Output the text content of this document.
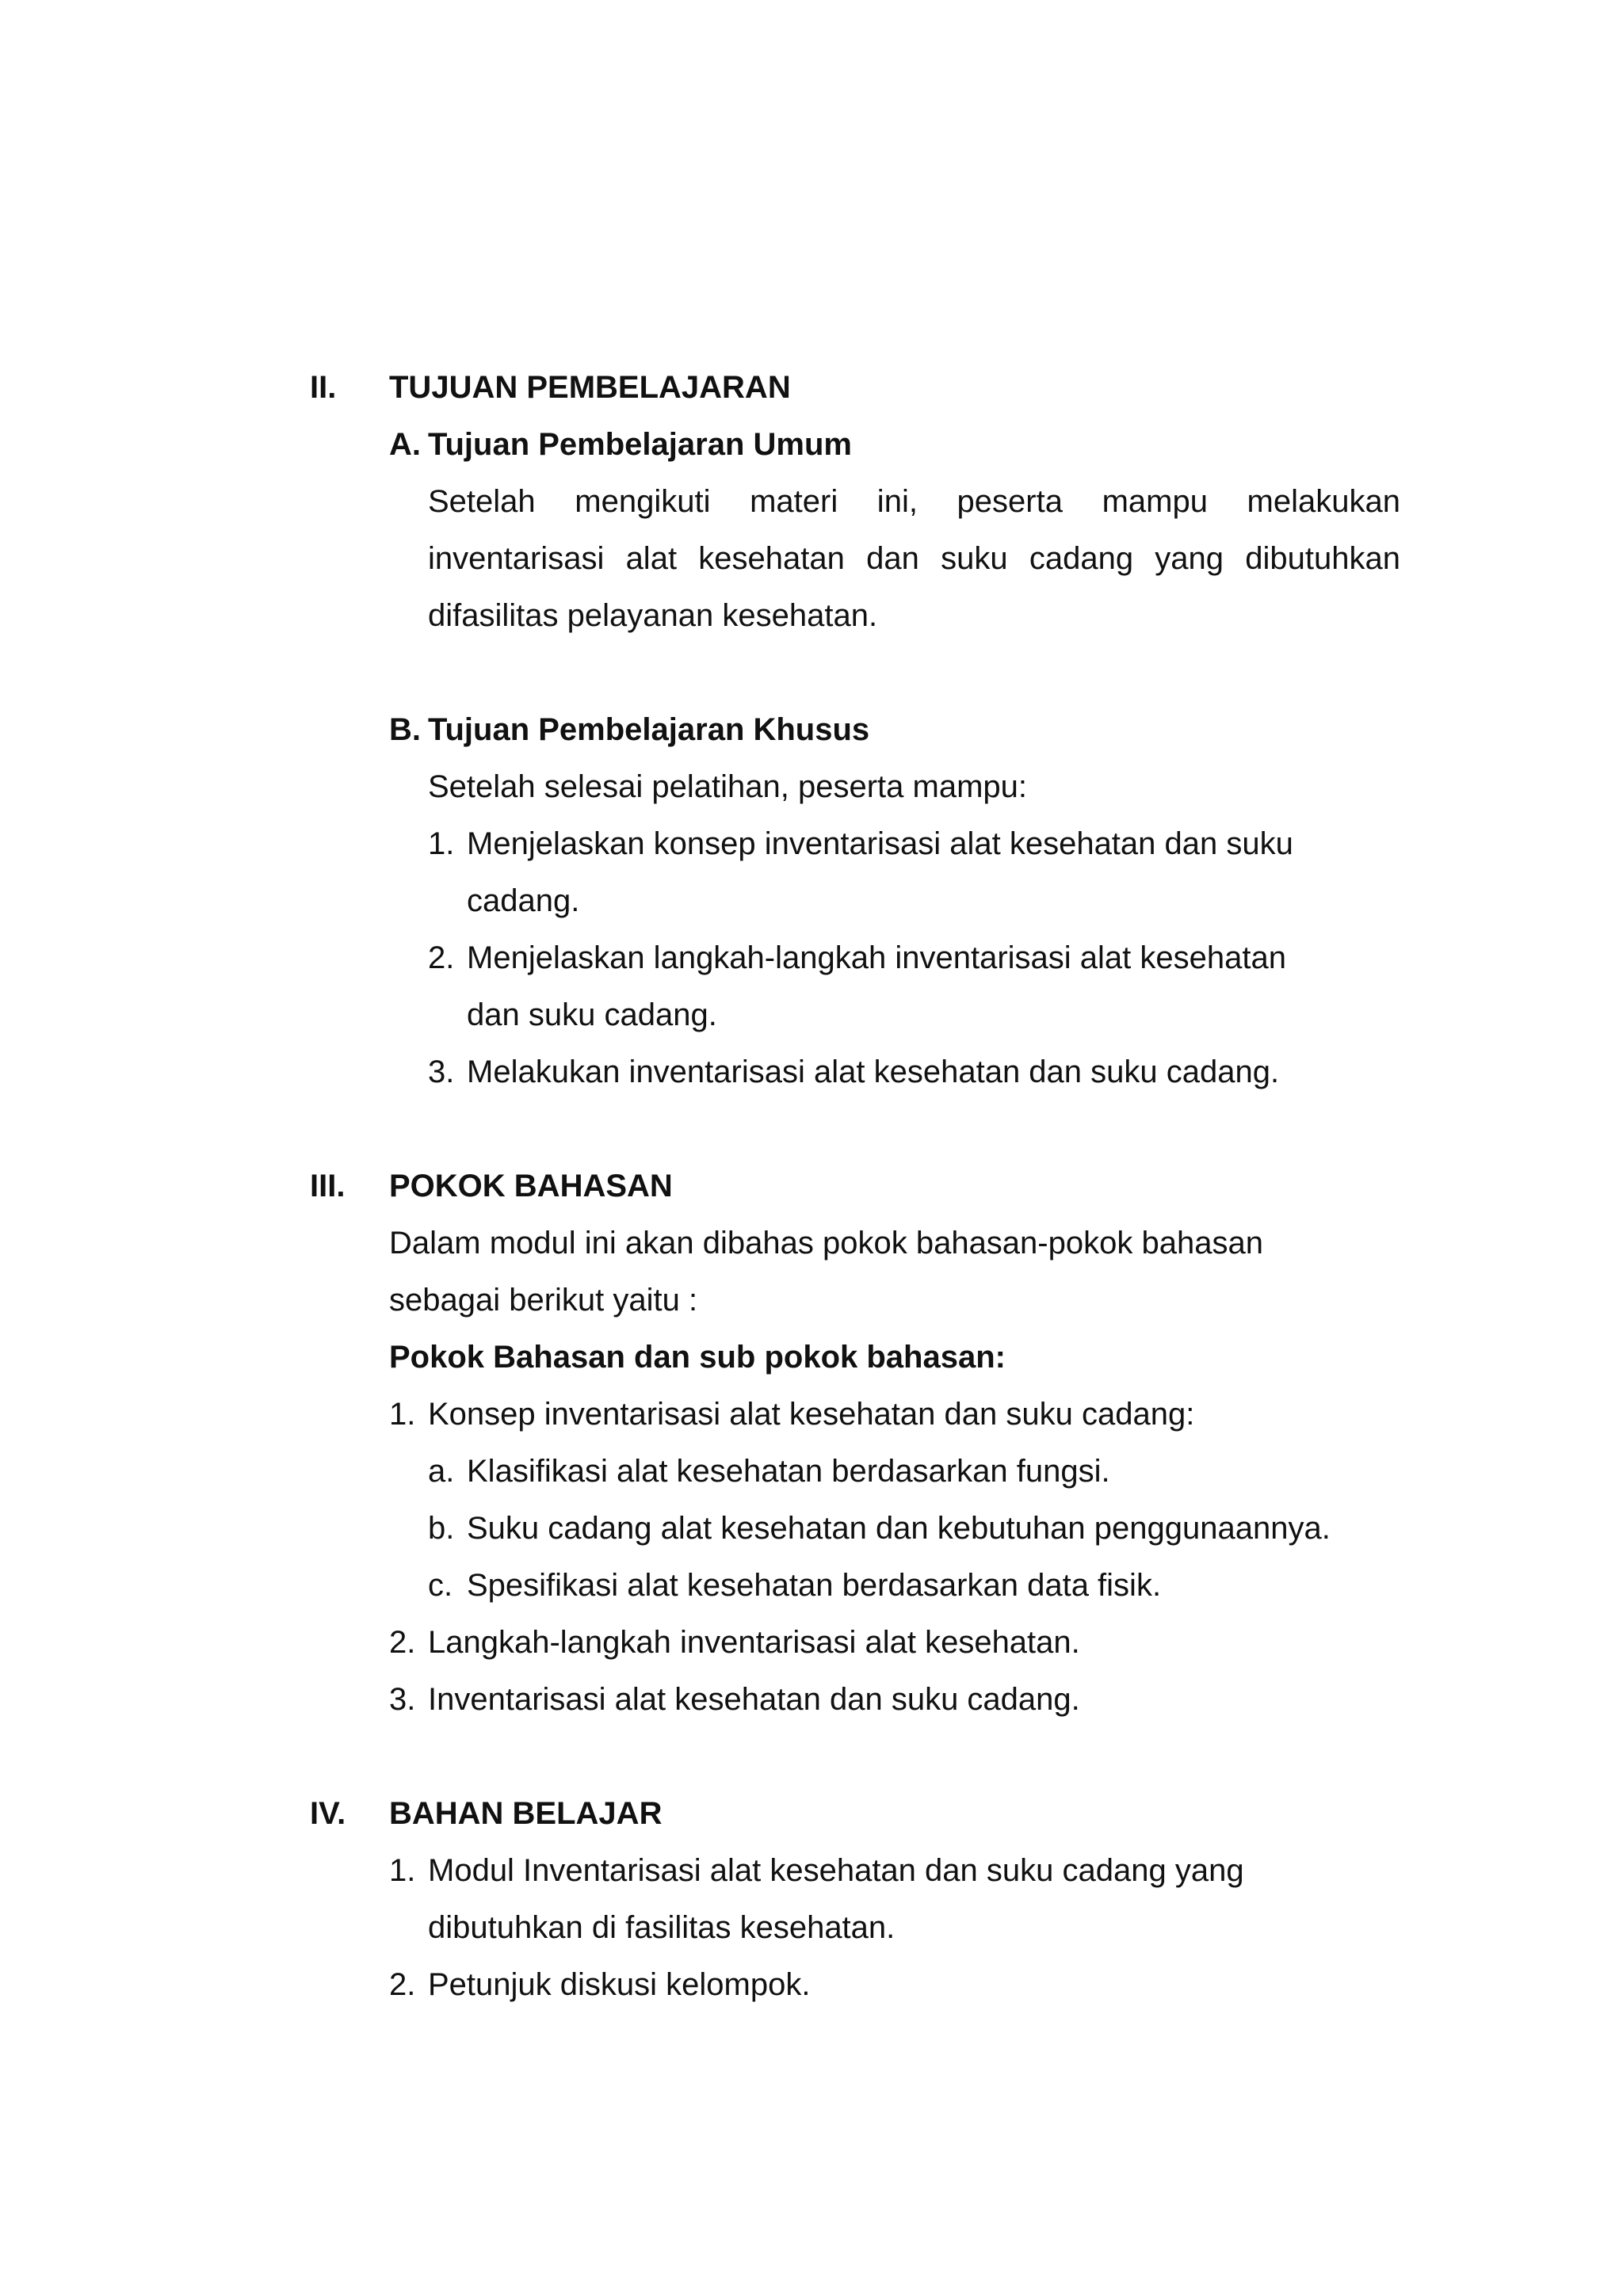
II. TUJUAN PEMBELAJARAN
A. Tujuan Pembelajaran Umum
Setelah mengikuti materi ini, peserta mampu melakukan
inventarisasi alat kesehatan dan suku cadang yang dibutuhkan
difasilitas pelayanan kesehatan.
B. Tujuan Pembelajaran Khusus
Setelah selesai pelatihan, peserta mampu:
1. Menjelaskan konsep inventarisasi alat kesehatan dan suku
cadang.
2. Menjelaskan langkah-langkah inventarisasi alat kesehatan
dan suku cadang.
3. Melakukan inventarisasi alat kesehatan dan suku cadang.
III. POKOK BAHASAN
Dalam modul ini akan dibahas pokok bahasan-pokok bahasan
sebagai berikut yaitu :
Pokok Bahasan dan sub pokok bahasan:
1. Konsep inventarisasi alat kesehatan dan suku cadang:
a. Klasifikasi alat kesehatan berdasarkan fungsi.
b. Suku cadang alat kesehatan dan kebutuhan penggunaannya.
c. Spesifikasi alat kesehatan berdasarkan data fisik.
2. Langkah-langkah inventarisasi alat kesehatan.
3. Inventarisasi alat kesehatan dan suku cadang.
IV. BAHAN BELAJAR
1. Modul Inventarisasi alat kesehatan dan suku cadang yang
dibutuhkan di fasilitas kesehatan.
2. Petunjuk diskusi kelompok.
